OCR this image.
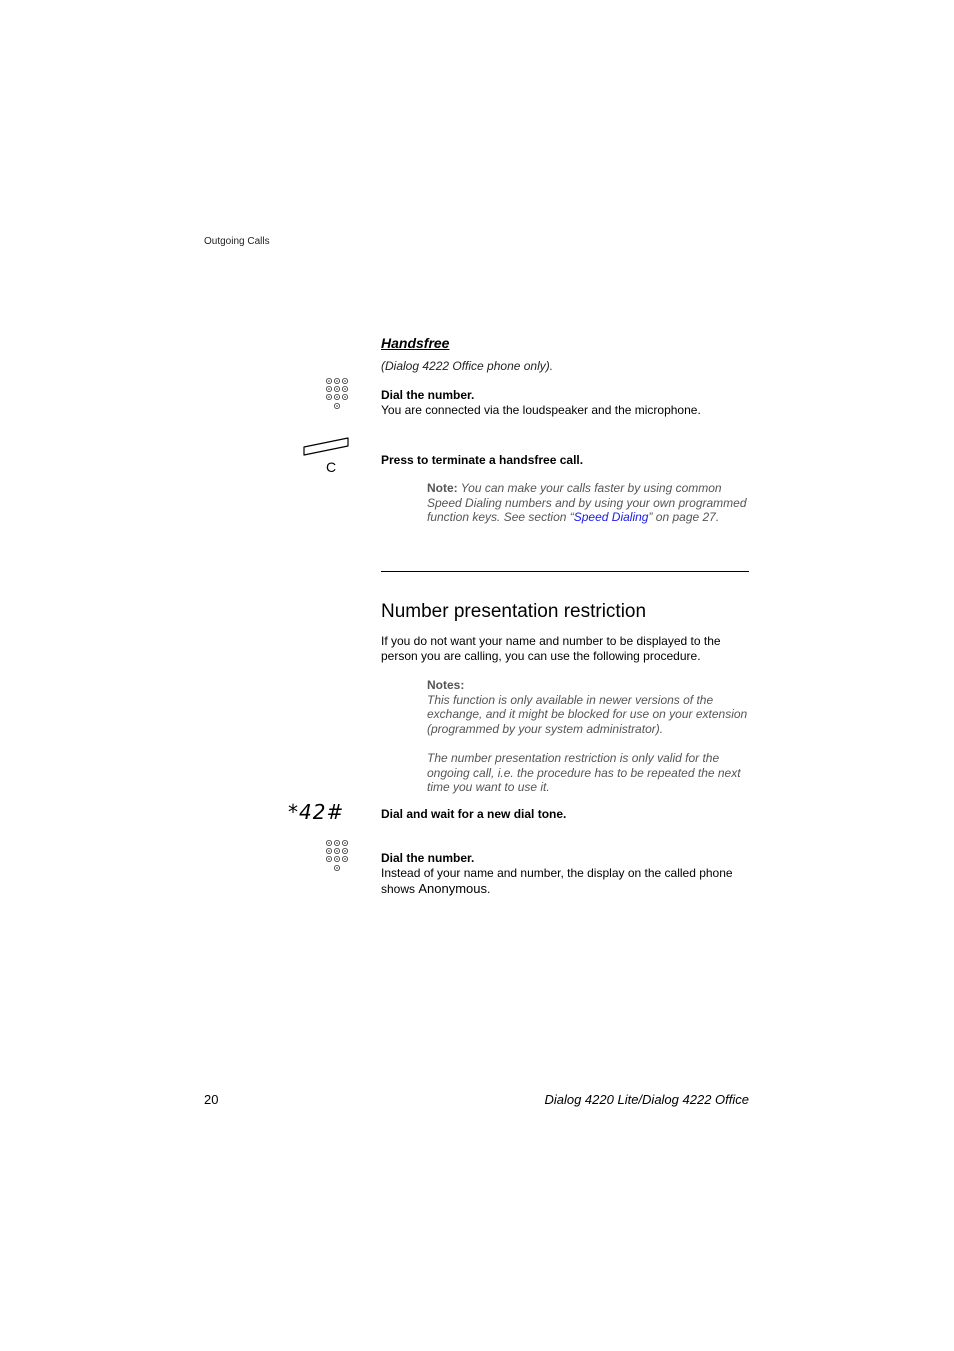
Outgoing Calls
Handsfree
(Dialog 4222 Office phone only).
Dial the number.
You are connected via the loudspeaker and the microphone.
C	Press to terminate a handsfree call.
Note: You can make your calls faster by using common Speed Dialing numbers and by using your own programmed function keys. See section “Speed Dialing” on page 27.
Number presentation restriction
If you do not want your name and number to be displayed to the person you are calling, you can use the following procedure.
Notes:
This function is only available in newer versions of the exchange, and it might be blocked for use on your extension (programmed by your system administrator).

The number presentation restriction is only valid for the ongoing call, i.e. the procedure has to be repeated the next time you want to use it.
*42#	Dial and wait for a new dial tone.
Dial the number.
Instead of your name and number, the display on the called phone shows Anonymous.
20	Dialog 4220 Lite/Dialog 4222 Office
